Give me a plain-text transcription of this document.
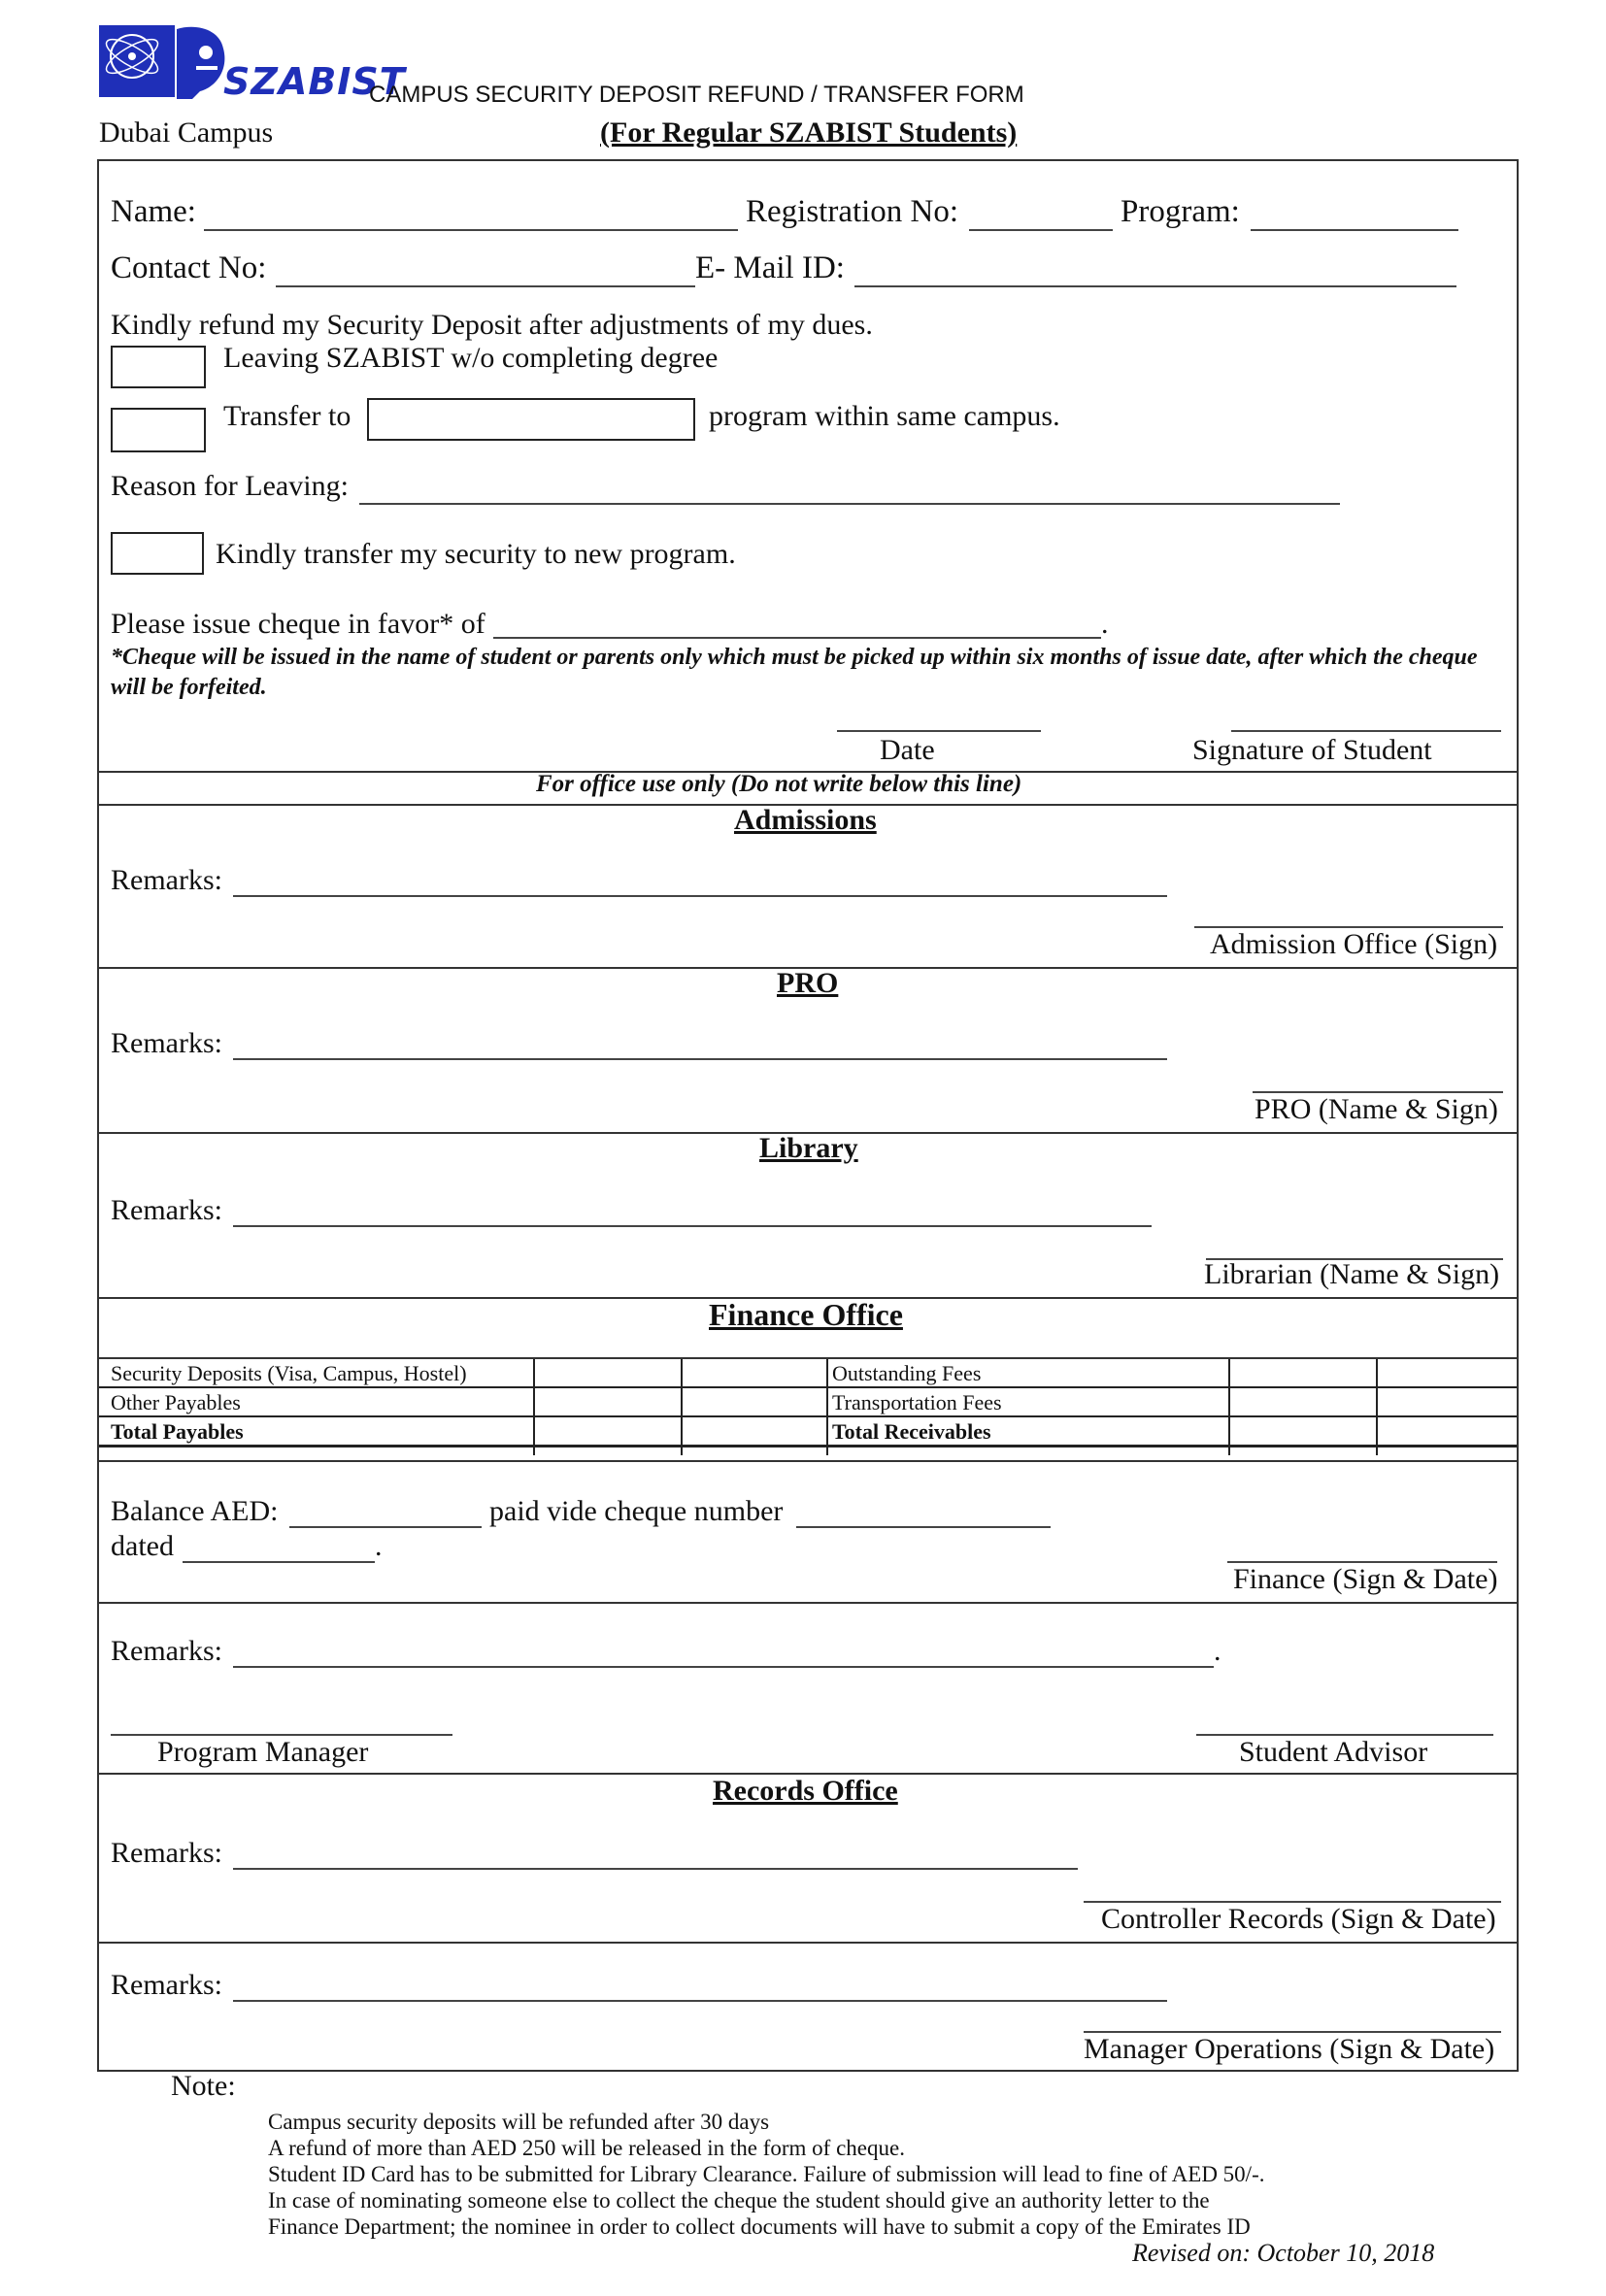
SZABIST
CAMPUS SECURITY DEPOSIT REFUND / TRANSFER FORM
Dubai Campus	(For Regular SZABIST Students)
Name:	Registration No:	Program:
Contact No:	E- Mail ID:
Kindly refund my Security Deposit after adjustments of my dues.
Leaving SZABIST w/o completing degree
Transfer to	program within same campus.
Reason for Leaving:
Kindly transfer my security to new program.
Please issue cheque in favor* of	.
*Cheque will be issued in the name of student or parents only which must be picked up within six months of issue date, after which the cheque will be forfeited.
Date	Signature of Student
For office use only (Do not write below this line)
Admissions
Remarks:
Admission Office (Sign)
PRO
Remarks:
PRO (Name & Sign)
Library
Remarks:
Librarian (Name & Sign)
Finance Office
Security Deposits (Visa, Campus, Hostel)			Outstanding Fees		
Other Payables			Transportation Fees		
Total Payables			Total Receivables		

Balance AED:	paid vide cheque number
dated	.
Finance (Sign & Date)
Remarks:	.
Program Manager	Student Advisor
Records Office
Remarks:
Controller Records (Sign & Date)
Remarks:
Manager Operations (Sign & Date)
Note:
Campus security deposits will be refunded after 30 days
A refund of more than AED 250 will be released in the form of cheque.
Student ID Card has to be submitted for Library Clearance. Failure of submission will lead to fine of AED 50/-.
In case of nominating someone else to collect the cheque the student should give an authority letter to the
Finance Department; the nominee in order to collect documents will have to submit a copy of the Emirates ID
Revised on: October 10, 2018
